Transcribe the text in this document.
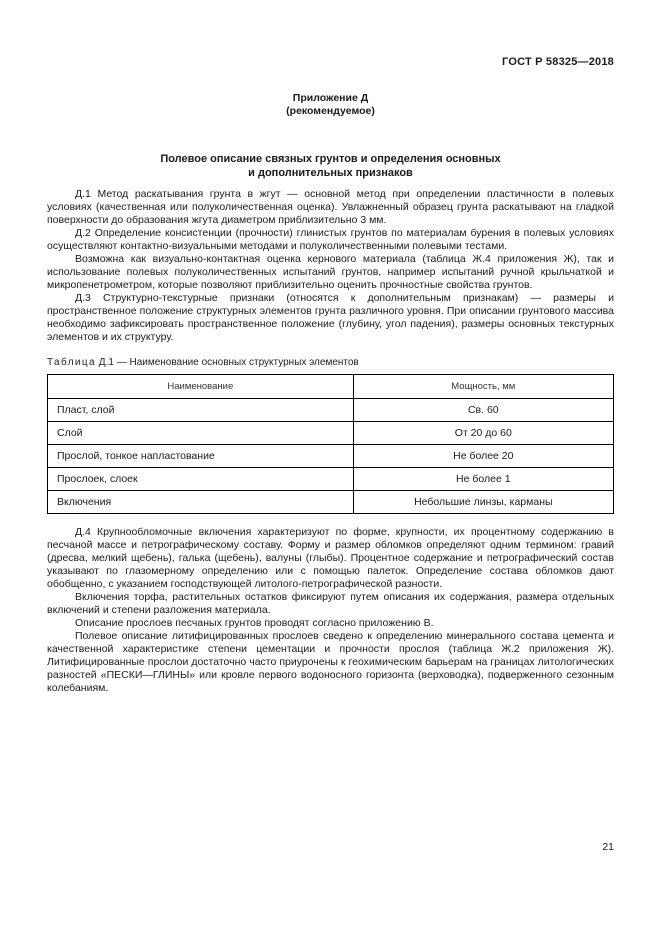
ГОСТ Р 58325—2018
Приложение Д
(рекомендуемое)
Полевое описание связных грунтов и определения основных
и дополнительных признаков

Д.1 Метод раскатывания грунта в жгут — основной метод при определении пластичности в полевых условиях (качественная или полуколичественная оценка). Увлажненный образец грунта раскатывают на гладкой поверхности до образования жгута диаметром приблизительно 3 мм.

Д.2 Определение консистенции (прочности) глинистых грунтов по материалам бурения в полевых условиях осуществляют контактно-визуальными методами и полуколичественными полевыми тестами.

Возможна как визуально-контактная оценка кернового материала (таблица Ж.4 приложения Ж), так и использование полевых полуколичественных испытаний грунтов, например испытаний ручной крыльчаткой и микропенетрометром, которые позволяют приблизительно оценить прочностные свойства грунтов.

Д.3 Структурно-текстурные признаки (относятся к дополнительным признакам) — размеры и пространственное положение структурных элементов грунта различного уровня. При описании грунтового массива необходимо зафиксировать пространственное положение (глубину, угол падения), размеры основных текстурных элементов и их структуру.

Таблица Д.1 — Наименование основных структурных элементов
Наименование	Мощность, мм
Пласт, слой	Св. 60
Слой	От 20 до 60
Прослой, тонкое напластование	Не более 20
Прослоек, слоек	Не более 1
Включения	Небольшие линзы, карманы

Д.4 Крупнообломочные включения характеризуют по форме, крупности, их процентному содержанию в песчаной массе и петрографическому составу. Форму и размер обломков определяют одним термином: гравий (дресва, мелкий щебень), галька (щебень), валуны (глыбы). Процентное содержание и петрографический состав указывают по глазомерному определению или с помощью палеток. Определение состава обломков дают обобщенно, с указанием господствующей литолого-петрографической разности.

Включения торфа, растительных остатков фиксируют путем описания их содержания, размера отдельных включений и степени разложения материала.

Описание прослоев песчаных грунтов проводят согласно приложению В.

Полевое описание литифицированных прослоев сведено к определению минерального состава цемента и качественной характеристике степени цементации и прочности прослоя (таблица Ж.2 приложения Ж). Литифицированные прослои достаточно часто приурочены к геохимическим барьерам на границах литологических разностей «ПЕСКИ—ГЛИНЫ» или кровле первого водоносного горизонта (верховодка), подверженного сезонным колебаниям.

21
